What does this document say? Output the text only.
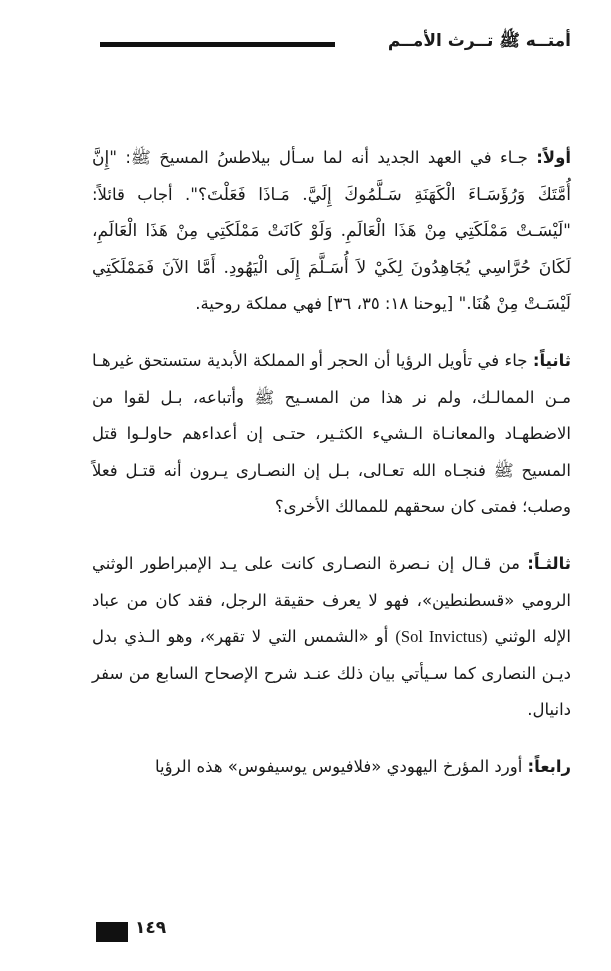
أمتــه ﷺ تــرث الأمــم

أولاً: جـاء في العهد الجديد أنه لما سـأل بيلاطسُ المسيحَ ﷺ: "إِنَّ أُمَّتَكَ وَرُؤَسَـاءَ الْكَهَنَةِ سَـلَّمُوكَ إِلَيَّ. مَـاذَا فَعَلْتَ؟". أجاب قائلاً: "لَيْسَـتْ مَمْلَكَتِي مِنْ هَذَا الْعَالَمِ. وَلَوْ كَانَتْ مَمْلَكَتِي مِنْ هَذَا الْعَالَمِ، لَكَانَ حُرَّاسِي يُجَاهِدُونَ لِكَيْ لاَ أُسَـلَّمَ إِلَى الْيَهُودِ. أَمَّا الآنَ فَمَمْلَكَتِي لَيْسَـتْ مِنْ هُنَا." [يوحنا ١٨: ٣٥، ٣٦] فهي مملكة روحية.

ثانياً: جاء في تأويل الرؤيا أن الحجر أو المملكة الأبدية ستستحق غيرهـا مـن الممالـك، ولم نر هذا من المسـيح ﷺ وأتباعه، بـل لقوا من الاضطهـاد والمعانـاة الـشيء الكثـير، حتـى إن أعداءهم حاولـوا قتل المسيح ﷺ فنجـاه الله تعـالى، بـل إن النصـارى يـرون أنه قتـل فعلاً وصلب؛ فمتى كان سحقهم للممالك الأخرى؟

ثالثـاً: من قـال إن نـصرة النصـارى كانت على يـد الإمبراطور الوثني الرومي «قسطنطين»، فهو لا يعرف حقيقة الرجل، فقد كان من عباد الإله الوثني (Sol Invictus) أو «الشمس التي لا تقهر»، وهو الـذي بدل ديـن النصارى كما سـيأتي بيان ذلك عنـد شرح الإصحاح السابع من سفر دانيال.

رابعاً: أورد المؤرخ اليهودي «فلافيوس يوسيفوس» هذه الرؤيا

١٤٩
